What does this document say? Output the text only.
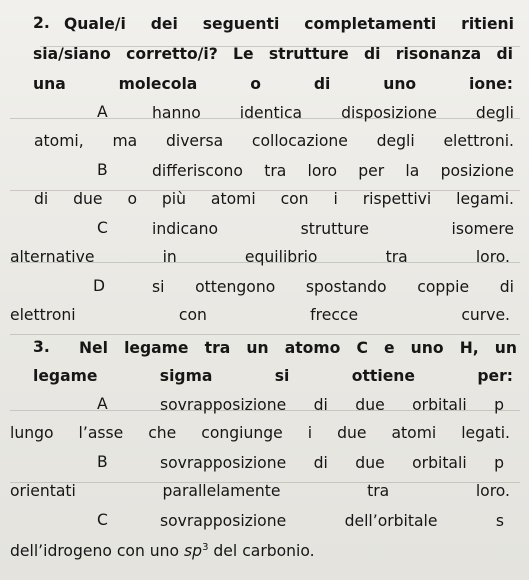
2. Quale/i dei seguenti completamenti ritieni
sia/siano corretto/i? Le strutture di risonanza di
una molecola o di uno ione:
A	hanno identica disposizione degli
atomi, ma diversa collocazione degli elettroni.
B	differiscono tra loro per la posizione
di due o più atomi con i rispettivi legami.
C	indicano strutture isomere
alternative in equilibrio tra loro.
D	si ottengono spostando coppie di
elettroni con frecce curve.
3. Nel legame tra un atomo C e uno H, un
legame sigma si ottiene per:
A	sovrapposizione di due orbitali p
lungo l’asse che congiunge i due atomi legati.
B	sovrapposizione di due orbitali p
orientati parallelamente tra loro.
C	sovrapposizione dell’orbitale s
dell’idrogeno con uno $sp^3$ del carbonio.
